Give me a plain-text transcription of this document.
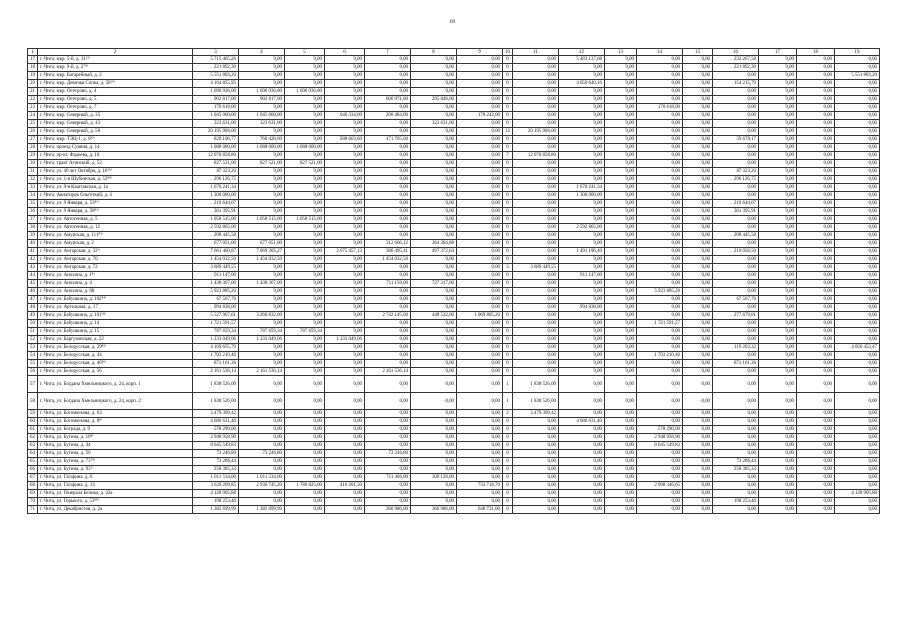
69
1	2	3	4	5	6	7	8	9	10	11	12	13	14	15	16	17	18	19
17	г. Чита, мкр. 5-й, д. 31¹³⁾	5 715 465,26	0,00	0,00	0,00	0,00	0,00	0,00	0	0,00	5 483 137,68	0,00	0,00	0,00	232 267,58	0,00	0,00	0,00
18	г. Чита, мкр. 9-й, д. 2⁷⁸⁾	221 892,30	0,00	0,00	0,00	0,00	0,00	0,00	0	0,00	0,00	0,00	0,00	0,00	221 892,30	0,00	0,00	0,00
19	г. Чита, мкр. Батарейный, д. 2	5 551 883,20	0,00	0,00	0,00	0,00	0,00	0,00	0	0,00	0,00	0,00	0,00	0,00	0,00	0,00	0,00	5 551 883,20
20	г. Чита, мкр. Девичья Сопка, д. 58¹⁹⁾	4 164 855,95	0,00	0,00	0,00	0,00	0,00	0,00	0	0,00	4 050 640,16	0,00	0,00	0,00	154 215,79	0,00	0,00	0,00
21	г. Чита, мкр. Осетрово, д. 4	1 690 936,00	1 690 936,00	1 690 936,00	0,00	0,00	0,00	0,00	0	0,00	0,00	0,00	0,00	0,00	0,00	0,00	0,00	0,00
22	г. Чита, мкр. Осетрово, д. 5	902 817,00	902 817,00	0,00	0,00	606 971,00	295 846,00	0,00	0	0,00	0,00	0,00	0,00	0,00	0,00	0,00	0,00	0,00
23	г. Чита, мкр. Осетрово, д. 7	170 618,00	0,00	0,00	0,00	0,00	0,00	0,00	0	0,00	0,00	0,00	170 618,00	0,00	0,00	0,00	0,00	0,00
24	г. Чита, мкр. Северный, д. 35	1 045 060,00	1 045 060,00	0,00	640 334,00	206 484,00	0,00	178 242,00	0	0,00	0,00	0,00	0,00	0,00	0,00	0,00	0,00	0,00
25	г. Чита, мкр. Северный, д. 43	323 631,00	323 631,00	0,00	0,00	0,00	323 631,00	0,00	0	0,00	0,00	0,00	0,00	0,00	0,00	0,00	0,00	0,00
26	г. Чита, мкр. Северный, д. 58	20 195 906,00	0,00	0,00	0,00	0,00	0,00	0,00	12	20 195 906,00	0,00	0,00	0,00	0,00	0,00	0,00	0,00	0,00
27	г. Чита, мкр. ТЭЦ-1, д. 6²³⁾	820 106,77	760 428,60	0,00	588 663,60	171 765,00	0,00	0,00	0	0,00	0,00	0,00	0,00	0,00	59 678,17	0,00	0,00	0,00
28	г. Чита, проезд Сувиня, д. 14	1 088 000,00	1 088 000,00	1 088 000,00	0,00	0,00	0,00	0,00	0	0,00	0,00	0,00	0,00	0,00	0,00	0,00	0,00	0,00
29	г. Чита, пр-кт. Фадеева, д. 10	12 070 858,80	0,00	0,00	0,00	0,00	0,00	0,00	7	12 070 858,80	0,00	0,00	0,00	0,00	0,00	0,00	0,00	0,00
30	г. Чита, тракт Агинский, д. 53	827 521,00	827 521,00	827 521,00	0,00	0,00	0,00	0,00	0	0,00	0,00	0,00	0,00	0,00	0,00	0,00	0,00	0,00
31	г. Чита, ул. 40 лет Октября, д. 16¹⁰⁾	87 323,20	0,00	0,00	0,00	0,00	0,00	0,00	0	0,00	0,00	0,00	0,00	0,00	87 323,20	0,00	0,00	0,00
32	г. Чита, ул. 1-я Шубинская, д. 53⁸⁰⁾	296 126,75	0,00	0,00	0,00	0,00	0,00	0,00	0	0,00	0,00	0,00	0,00	0,00	296 126,75	0,00	0,00	0,00
33	г. Чита, ул. 9-я Каштакская, д. 1а	1 670 241,34	0,00	0,00	0,00	0,00	0,00	0,00	0	0,00	1 670 241,34	0,00	0,00	0,00	0,00	0,00	0,00	0,00
34	г. Чита, Авиаторов Ольгеткий, д. 4	1 300 000,00	0,00	0,00	0,00	0,00	0,00	0,00	0	0,00	1 300 000,00	0,00	0,00	0,00	0,00	0,00	0,00	0,00
35	г. Чита, ул. 9 Января, д. 53⁸¹⁾	210 644,07	0,00	0,00	0,00	0,00	0,00	0,00	0	0,00	0,00	0,00	0,00	0,00	210 644,07	0,00	0,00	0,00
36	г. Чита, ул. 9 Января, д. 58⁸²⁾	301 395,91	0,00	0,00	0,00	0,00	0,00	0,00	0	0,00	0,00	0,00	0,00	0,00	301 395,91	0,00	0,00	0,00
37	г. Чита, ул. Автогенная, д. 5	1 058 515,00	1 058 515,00	1 058 515,00	0,00	0,00	0,00	0,00	0	0,00	0,00	0,00	0,00	0,00	0,00	0,00	0,00	0,00
38	г. Чита, ул. Автогенная, д. 12	2 592 865,00	0,00	0,00	0,00	0,00	0,00	0,00	0	0,00	2 592 865,00	0,00	0,00	0,00	0,00	0,00	0,00	0,00
39	г. Чита, ул. Амурская, д. 111⁸³⁾	208 445,58	0,00	0,00	0,00	0,00	0,00	0,00	0	0,00	0,00	0,00	0,00	0,00	208 445,58	0,00	0,00	0,00
40	г. Чита, ул. Амурская, д. 2	677 051,00	677 051,00	0,00	0,00	312 666,12	364 384,88	0,00	0	0,00	0,00	0,00	0,00	0,00	0,00	0,00	0,00	0,00
41	г. Чита, ул. Ангарская, д. 32¹⁾	7 661 460,87	7 069 305,27	0,00	2 075 457,13	386 495,41	497 372,64	0,00	0	0,00	1 491 196,40	0,00	0,00	0,00	210 958,50	0,00	0,00	0,00
42	г. Чита, ул. Ангарская, д. 70	1 454 032,50	1 454 032,50	0,00	0,00	1 454 032,50	0,00	0,00	0	0,00	0,00	0,00	0,00	0,00	0,00	0,00	0,00	0,00
43	г. Чита, ул. Ангарская, д. 72	3 689 449,55	0,00	0,00	0,00	0,00	0,00	0,00	3	3 689 449,55	0,00	0,00	0,00	0,00	0,00	0,00	0,00	0,00
44	г. Чита, ул. Анохина, д. 1⁸⁾	911 147,00	0,00	0,00	0,00	0,00	0,00	0,00	0	0,00	911 147,00	0,00	0,00	0,00	0,00	0,00	0,00	0,00
45	г. Чита, ул. Анохина, д. 4	1 438 367,00	1 438 367,00	0,00	0,00	711 150,00	727 217,00	0,00	0	0,00	0,00	0,00	0,00	0,00	0,00	0,00	0,00	0,00
46	г. Чита, ул. Анохина, д. 88	5 923 885,20	0,00	0,00	0,00	0,00	0,00	0,00	0	0,00	0,00	0,00	5 923 885,20	0,00	0,00	0,00	0,00	0,00
47	г. Чита, ул. Бабушкина, д. 102⁸⁴⁾	67 567,76	0,00	0,00	0,00	0,00	0,00	0,00	0	0,00	0,00	0,00	0,00	0,00	67 567,76	0,00	0,00	0,00
48	г. Чита, ул. Артельная, д. 17	994 838,00	0,00	0,00	0,00	0,00	0,00	0,00	0	0,00	994 838,00	0,00	0,00	0,00	0,00	0,00	0,00	0,00
49	г. Чита, ул. Бабушкина, д. 101¹⁰⁾	5 527 967,61	3 260 832,00	0,00	0,00	2 742 145,00	448 522,00	1 069 805,20	0	0,00	0,00	0,00	0,00	0,00	277 679,81	0,00	0,00	0,00
50	г. Чита, ул. Бабушкина, д. 14	1 721 591,57	0,00	0,00	0,00	0,00	0,00	0,00	0	0,00	0,00	0,00	1 721 591,57	0,00	0,00	0,00	0,00	0,00
51	г. Чита, ул. Бабушкина, д. 15	787 659,34	787 659,34	787 659,34	0,00	0,00	0,00	0,00	0	0,00	0,00	0,00	0,00	0,00	0,00	0,00	0,00	0,00
52	г. Чита, ул. Баргузинская, д. 22	1 233 049,06	1 233 049,06	0,00	1 233 049,06	0,00	0,00	0,00	0	0,00	0,00	0,00	0,00	0,00	0,00	0,00	0,00	0,00
53	г. Чита, ул. Белорусская, д. 29⁸⁵⁾	4 169 655,79	0,00	0,00	0,00	0,00	0,00	0,00	0	0,00	0,00	0,00	0,00	0,00	119 203,32	0,00	0,00	4 050 452,47
54	г. Чита, ул. Белорусская, д. 44	1 703 210,46	0,00	0,00	0,00	0,00	0,00	0,00	0	0,00	0,00	0,00	1 703 210,46	0,00	0,00	0,00	0,00	0,00
55	г. Чита, ул. Белорусская, д. 46⁸⁶⁾	871 161,36	0,00	0,00	0,00	0,00	0,00	0,00	0	0,00	0,00	0,00	0,00	0,00	871 161,36	0,00	0,00	0,00
56	г. Чита, ул. Белорусская, д. 56	2 161 536,14	2 161 536,14	0,00	0,00	2 161 536,14	0,00	0,00	0	0,00	0,00	0,00	0,00	0,00	0,00	0,00	0,00	0,00
57	г. Чита, ул. Богдана Хмельницкого, д. 24, корп. 1	1 838 526,00	0,00	0,00	0,00	0,00	0,00	0,00	1	1 838 526,00	0,00	0,00	0,00	0,00	0,00	0,00	0,00	0,00
58	г. Чита, ул. Богдана Хмельницкого, д. 24, корп. 2	1 838 526,00	0,00	0,00	0,00	0,00	0,00	0,00	1	1 838 526,00	0,00	0,00	0,00	0,00	0,00	0,00	0,00	0,00
59	г. Чита, ул. Богомягкова, д. 63	3 479 369,42	0,00	0,00	0,00	0,00	0,00	0,00	2	3 479 369,42	0,00	0,00	0,00	0,00	0,00	0,00	0,00	0,00
60	г. Чита, ул. Богомягкова, д. 8⁸⁾	4 686 631,40	0,00	0,00	0,00	0,00	0,00	0,00	0	0,00	4 686 631,40	0,00	0,00	0,00	0,00	0,00	0,00	0,00
61	г. Чита, ул. Бограда, д. 9	578 290,00	0,00	0,00	0,00	0,00	0,00	0,00	0	0,00	0,00	0,00	578 290,00	0,00	0,00	0,00	0,00	0,00
62	г. Чита, ул. Бутина, д. 10⁸⁾	2 948 958,90	0,00	0,00	0,00	0,00	0,00	0,00	0	0,00	0,00	0,00	2 948 958,90	0,00	0,00	0,00	0,00	0,00
63	г. Чита, ул. Бутина, д. 44	8 645 549,83	0,00	0,00	0,00	0,00	0,00	0,00	0	0,00	0,00	0,00	8 645 549,83	0,00	0,00	0,00	0,00	0,00
64	г. Чита, ул. Бутина, д. 50	73 246,80	73 246,80	0,00	0,00	73 246,80	0,00	0,00	0	0,00	0,00	0,00	0,00	0,00	0,00	0,00	0,00	0,00
65	г. Чита, ул. Бутина, д. 73⁷⁸⁾	73 286,44	0,00	0,00	0,00	0,00	0,00	0,00	0	0,00	0,00	0,00	0,00	0,00	73 286,44	0,00	0,00	0,00
66	г. Чита, ул. Бутина, д. 93⁷⁾	258 385,33	0,00	0,00	0,00	0,00	0,00	0,00	0	0,00	0,00	0,00	0,00	0,00	258 385,33	0,00	0,00	0,00
67	г. Чита, ул. Гагарина, д. 6	1 011 534,00	1 011 534,00	0,00	0,00	711 406,00	300 128,00	0,00	0	0,00	0,00	0,00	0,00	0,00	0,00	0,00	0,00	0,00
68	г. Чита, ул. Гагарина, д. 13	3 639 209,85	2 930 745,20	1 780 825,00	416 201,50	0,00	0,00	733 718,70	0	0,00	0,00	0,00	2 098 346,65	0,00	0,00	0,00	0,00	0,00
69	г. Чита, ул. Генерала Белика, д. 42а	4 128 905,88	0,00	0,00	0,00	0,00	0,00	0,00	0	0,00	0,00	0,00	0,00	0,00	0,00	0,00	0,00	4 128 905,88
70	г. Чита, ул. Горького, д. 53⁸⁸⁾	198 253,40	0,00	0,00	0,00	0,00	0,00	0,00	0	0,00	0,00	0,00	0,00	0,00	198 253,40	0,00	0,00	0,00
71	г. Чита, ул. Декабристов, д. 2а	1 385 699,99	1 385 699,99	0,00	0,00	366 986,00	366 986,00	648 731,00	0	0,00	0,00	0,00	0,00	0,00	0,00	0,00	0,00	0,00
